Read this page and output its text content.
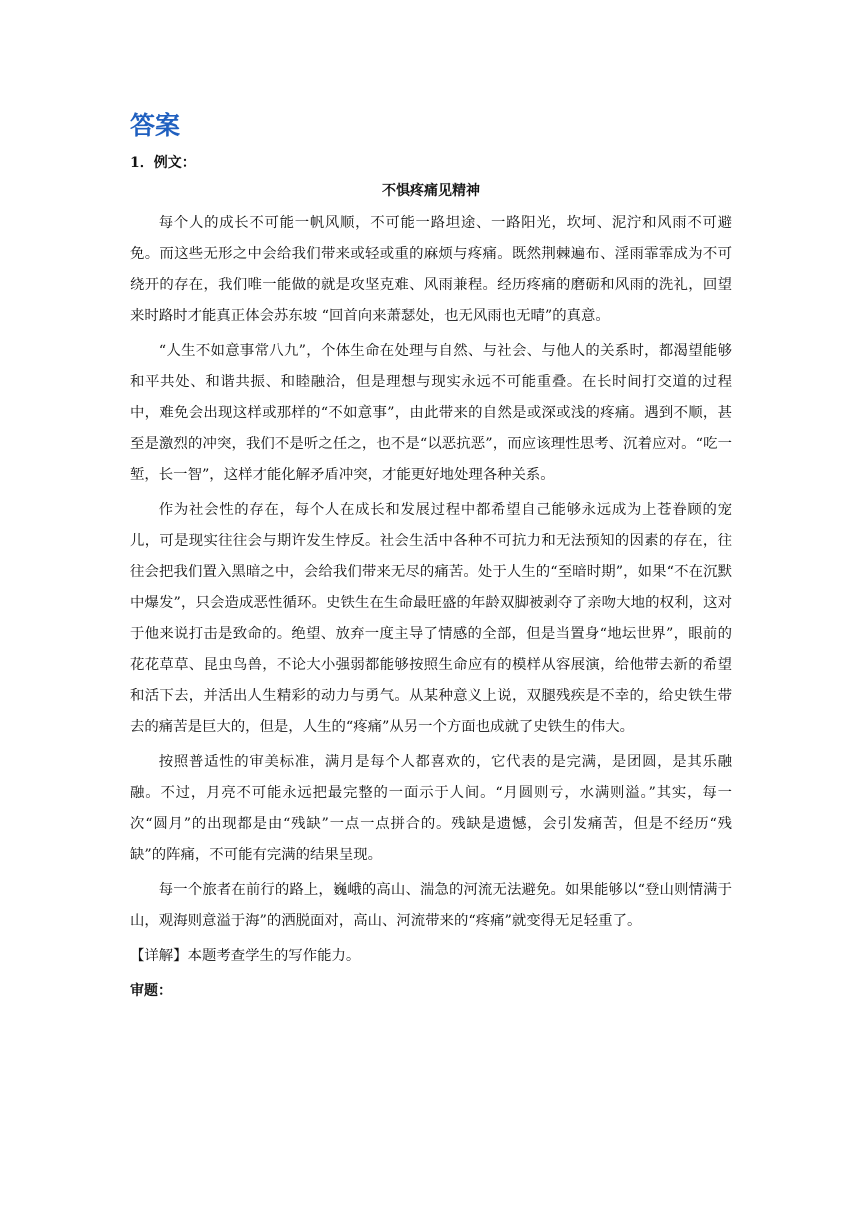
答案
1．例文：
不惧疼痛见精神

每个人的成长不可能一帆风顺，不可能一路坦途、一路阳光，坎坷、泥泞和风雨不可避免。而这些无形之中会给我们带来或轻或重的麻烦与疼痛。既然荆棘遍布、淫雨霏霏成为不可绕开的存在，我们唯一能做的就是攻坚克难、风雨兼程。经历疼痛的磨砺和风雨的洗礼，回望来时路时才能真正体会苏东坡 “回首向来萧瑟处，也无风雨也无晴”的真意。

“人生不如意事常八九”，个体生命在处理与自然、与社会、与他人的关系时，都渴望能够和平共处、和谐共振、和睦融洽，但是理想与现实永远不可能重叠。在长时间打交道的过程中，难免会出现这样或那样的“不如意事”，由此带来的自然是或深或浅的疼痛。遇到不顺，甚至是激烈的冲突，我们不是听之任之，也不是“以恶抗恶”，而应该理性思考、沉着应对。“吃一堑，长一智”，这样才能化解矛盾冲突，才能更好地处理各种关系。

作为社会性的存在，每个人在成长和发展过程中都希望自己能够永远成为上苍眷顾的宠儿，可是现实往往会与期许发生悖反。社会生活中各种不可抗力和无法预知的因素的存在，往往会把我们置入黑暗之中，会给我们带来无尽的痛苦。处于人生的“至暗时期”，如果“不在沉默中爆发”，只会造成恶性循环。史铁生在生命最旺盛的年龄双脚被剥夺了亲吻大地的权利，这对于他来说打击是致命的。绝望、放弃一度主导了情感的全部，但是当置身“地坛世界”，眼前的花花草草、昆虫鸟兽，不论大小强弱都能够按照生命应有的模样从容展演，给他带去新的希望和活下去，并活出人生精彩的动力与勇气。从某种意义上说，双腿残疾是不幸的，给史铁生带去的痛苦是巨大的，但是，人生的“疼痛”从另一个方面也成就了史铁生的伟大。

按照普适性的审美标准，满月是每个人都喜欢的，它代表的是完满，是团圆，是其乐融融。不过，月亮不可能永远把最完整的一面示于人间。“月圆则亏，水满则溢。”其实，每一次“圆月”的出现都是由“残缺”一点一点拼合的。残缺是遗憾，会引发痛苦，但是不经历“残缺”的阵痛，不可能有完满的结果呈现。

每一个旅者在前行的路上，巍峨的高山、湍急的河流无法避免。如果能够以“登山则情满于山，观海则意溢于海”的洒脱面对，高山、河流带来的“疼痛”就变得无足轻重了。

【详解】本题考查学生的写作能力。

审题：
